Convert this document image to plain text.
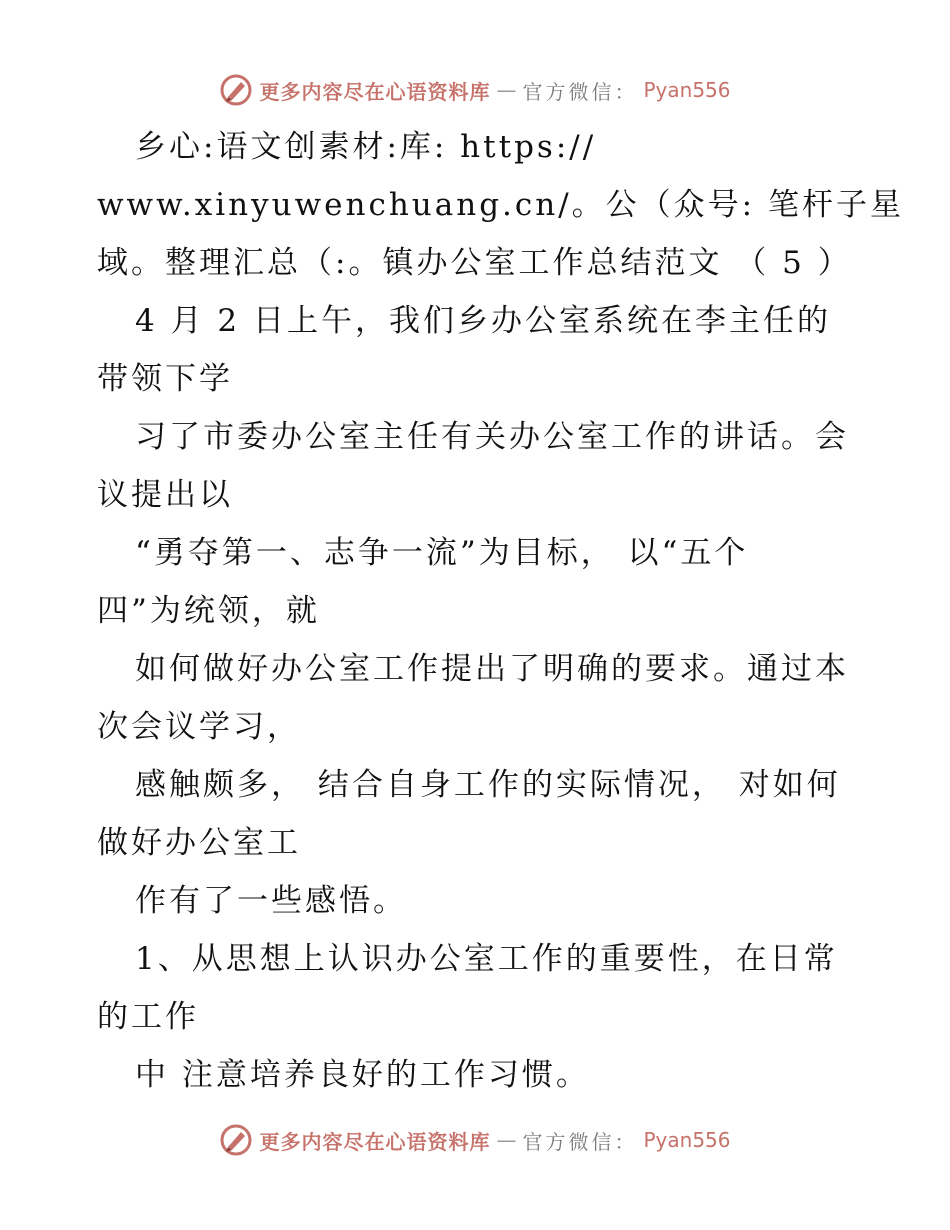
更多内容尽在心语资料库 — 官方微信： Pyan556
乡心:语文创素材:库: https://
www.xinyuwenchuang.cn/。公（众号: 笔杆子星
域。整理汇总（:。镇办公室工作总结范文 （ 5 ）
4 月 2 日上午，我们乡办公室系统在李主任的
带领下学
习了市委办公室主任有关办公室工作的讲话。会
议提出以
“勇夺第一、志争一流”为目标， 以“五个
四”为统领，就
如何做好办公室工作提出了明确的要求。通过本
次会议学习，
感触颇多， 结合自身工作的实际情况， 对如何
做好办公室工
作有了一些感悟。
1、从思想上认识办公室工作的重要性，在日常
的工作
中 注意培养良好的工作习惯。
更多内容尽在心语资料库 — 官方微信： Pyan556
